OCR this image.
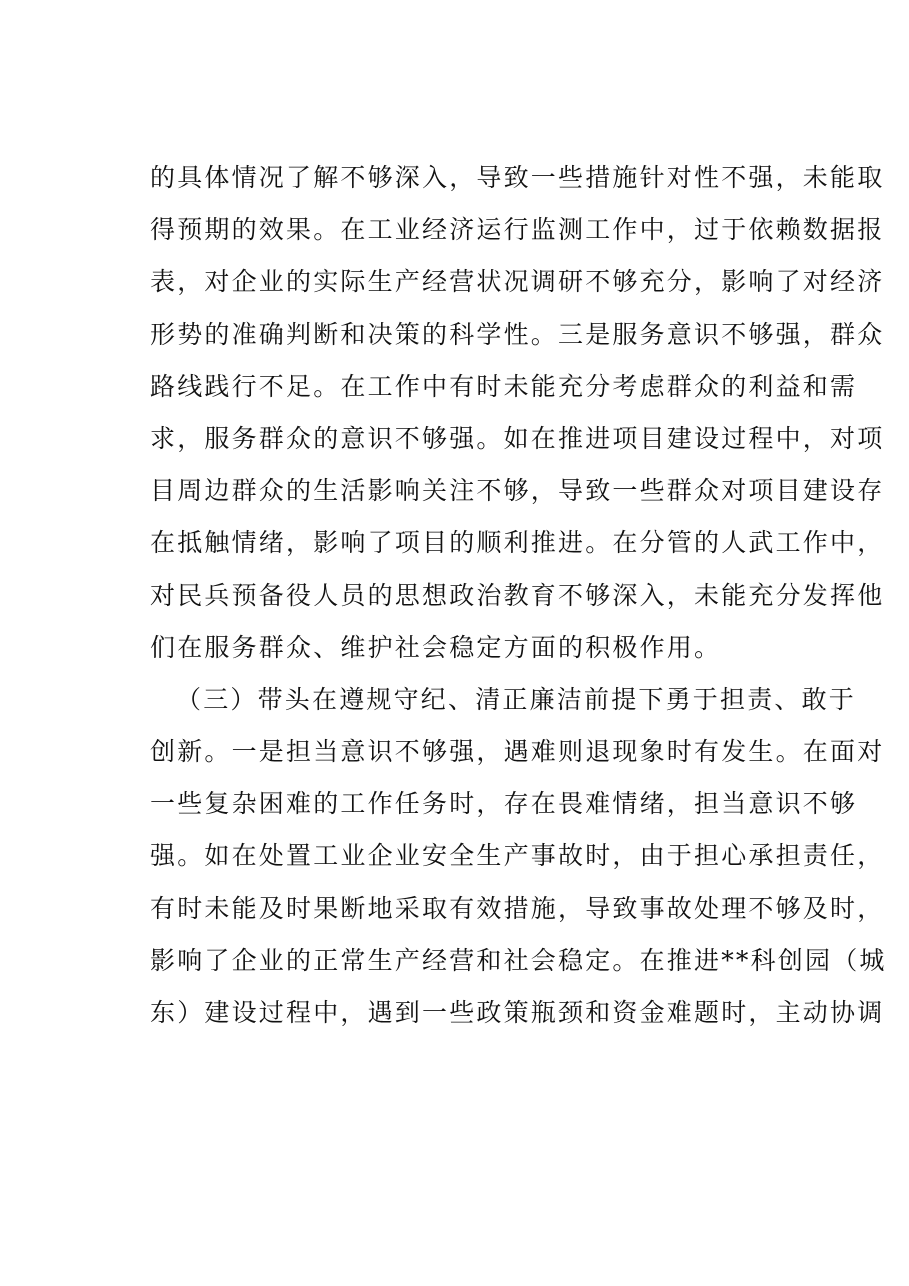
的具体情况了解不够深入，导致一些措施针对性不强，未能取
得预期的效果。在工业经济运行监测工作中，过于依赖数据报
表，对企业的实际生产经营状况调研不够充分，影响了对经济
形势的准确判断和决策的科学性。三是服务意识不够强，群众
路线践行不足。在工作中有时未能充分考虑群众的利益和需
求，服务群众的意识不够强。如在推进项目建设过程中，对项
目周边群众的生活影响关注不够，导致一些群众对项目建设存
在抵触情绪，影响了项目的顺利推进。在分管的人武工作中，
对民兵预备役人员的思想政治教育不够深入，未能充分发挥他
们在服务群众、维护社会稳定方面的积极作用。
（三）带头在遵规守纪、清正廉洁前提下勇于担责、敢于
创新。一是担当意识不够强，遇难则退现象时有发生。在面对
一些复杂困难的工作任务时，存在畏难情绪，担当意识不够
强。如在处置工业企业安全生产事故时，由于担心承担责任，
有时未能及时果断地采取有效措施，导致事故处理不够及时，
影响了企业的正常生产经营和社会稳定。在推进**科创园（城
东）建设过程中，遇到一些政策瓶颈和资金难题时，主动协调
